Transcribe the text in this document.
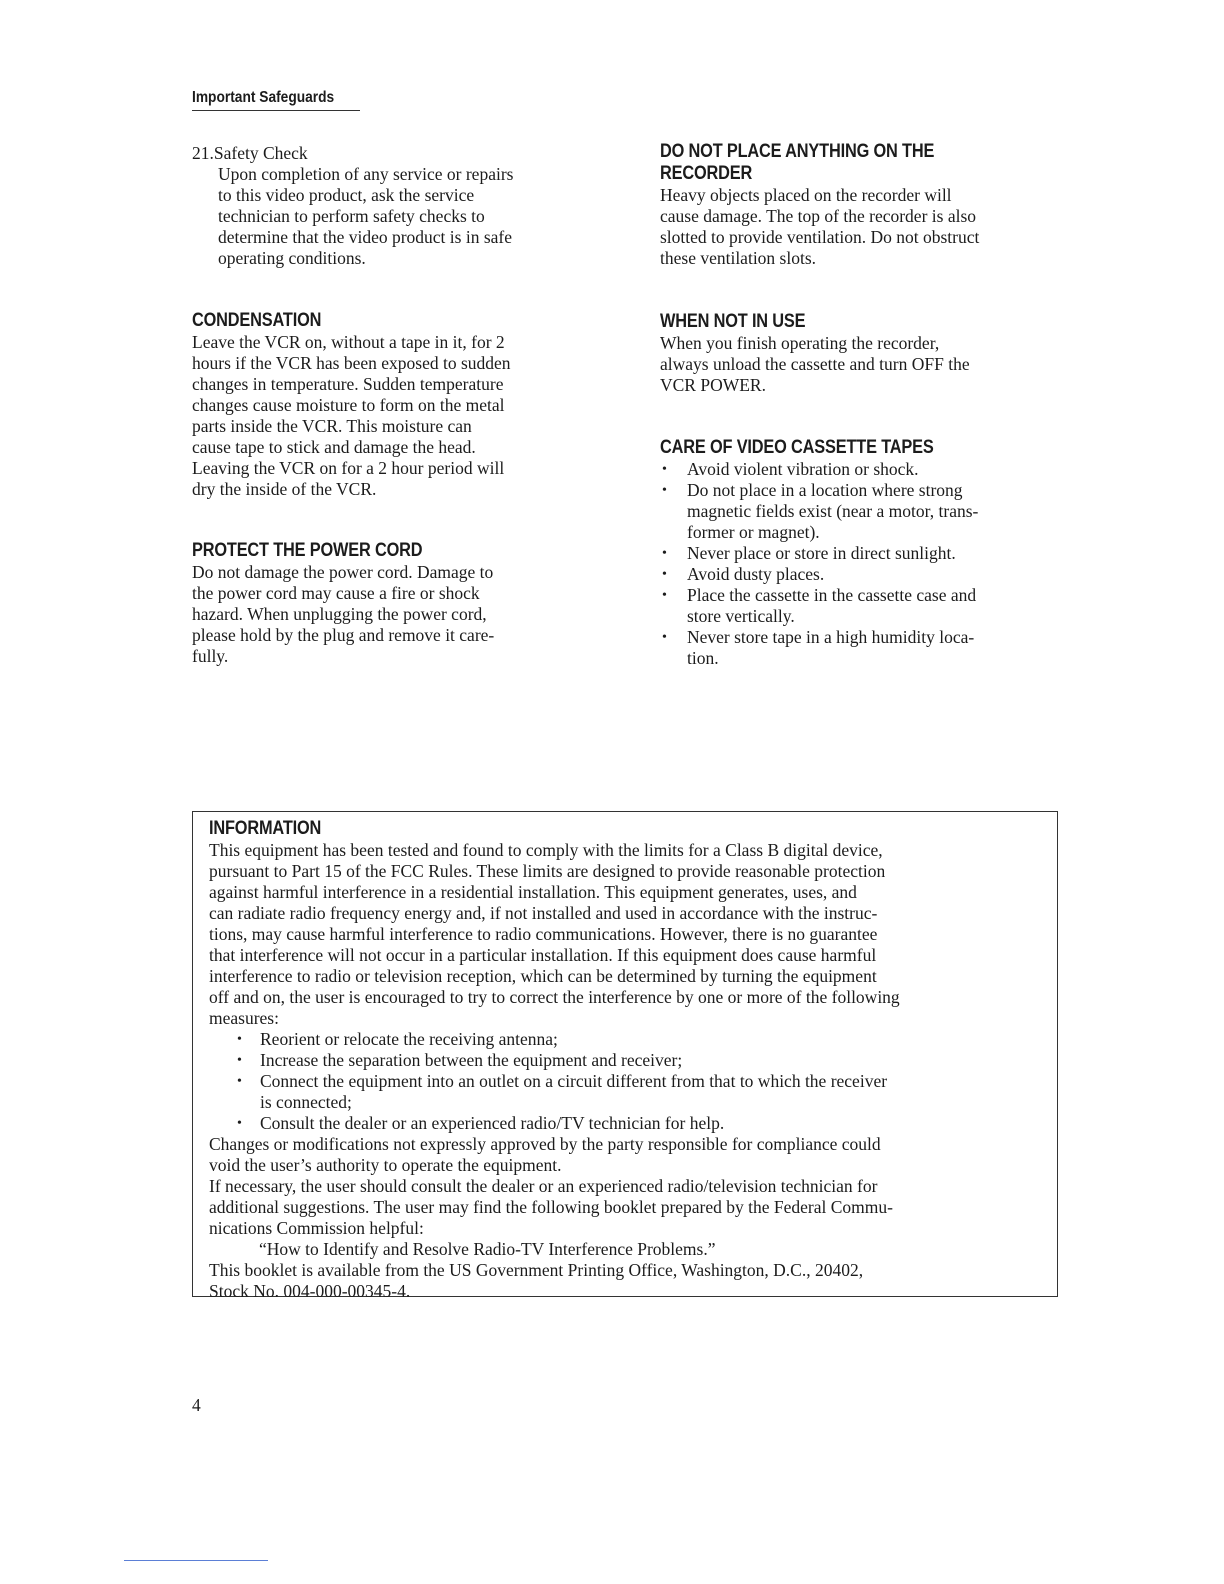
Important Safeguards

21.Safety Check

Upon completion of any service or repairs
to this video product, ask the service
technician to perform safety checks to
determine that the video product is in safe
operating conditions.
CONDENSATION
Leave the VCR on, without a tape in it, for 2
hours if the VCR has been exposed to sudden
changes in temperature. Sudden temperature
changes cause moisture to form on the metal
parts inside the VCR. This moisture can
cause tape to stick and damage the head.
Leaving the VCR on for a 2 hour period will
dry the inside of the VCR.
PROTECT THE POWER CORD
Do not damage the power cord. Damage to
the power cord may cause a fire or shock
hazard. When unplugging the power cord,
please hold by the plug and remove it care-
fully.
DO NOT PLACE ANYTHING ON THE
RECORDER
Heavy objects placed on the recorder will
cause damage. The top of the recorder is also
slotted to provide ventilation. Do not obstruct
these ventilation slots.
WHEN NOT IN USE
When you finish operating the recorder,
always unload the cassette and turn OFF the
VCR POWER.
CARE OF VIDEO CASSETTE TAPES
• Avoid violent vibration or shock.
• Do not place in a location where strong
magnetic fields exist (near a motor, trans-
former or magnet).
• Never place or store in direct sunlight.
• Avoid dusty places.
• Place the cassette in the cassette case and
store vertically.
• Never store tape in a high humidity loca-
tion.
INFORMATION
This equipment has been tested and found to comply with the limits for a Class B digital device,
pursuant to Part 15 of the FCC Rules. These limits are designed to provide reasonable protection
against harmful interference in a residential installation. This equipment generates, uses, and
can radiate radio frequency energy and, if not installed and used in accordance with the instruc-
tions, may cause harmful interference to radio communications. However, there is no guarantee
that interference will not occur in a particular installation. If this equipment does cause harmful
interference to radio or television reception, which can be determined by turning the equipment
off and on, the user is encouraged to try to correct the interference by one or more of the following
measures:
• Reorient or relocate the receiving antenna;
• Increase the separation between the equipment and receiver;
• Connect the equipment into an outlet on a circuit different from that to which the receiver
is connected;
• Consult the dealer or an experienced radio/TV technician for help.
Changes or modifications not expressly approved by the party responsible for compliance could
void the user’s authority to operate the equipment.
If necessary, the user should consult the dealer or an experienced radio/television technician for
additional suggestions. The user may find the following booklet prepared by the Federal Commu-
nications Commission helpful:
“How to Identify and Resolve Radio-TV Interference Problems.”
This booklet is available from the US Government Printing Office, Washington, D.C., 20402,
Stock No. 004-000-00345-4.
4
